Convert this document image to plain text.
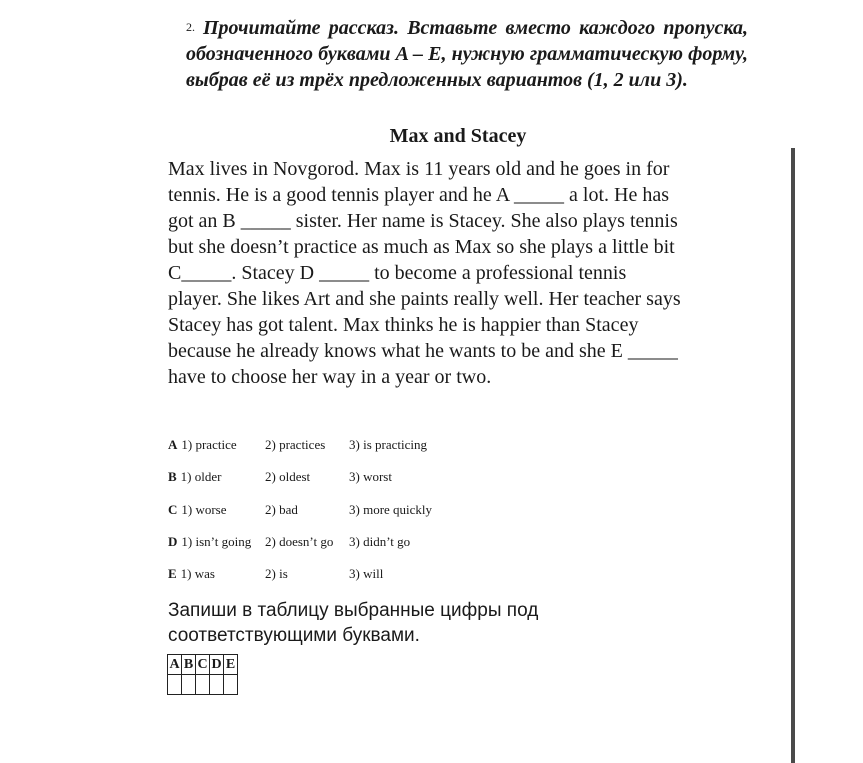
2. Прочитайте рассказ. Вставьте вместо каждого пропуска, обозначенного буквами A – E, нужную грамматическую форму, выбрав её из трёх предложенных вариантов (1, 2 или 3).
Max and Stacey
Max lives in Novgorod. Max is 11 years old and he goes in for
tennis. He is a good tennis player and he A _____ a lot. He has
got an B _____ sister. Her name is Stacey. She also plays tennis
but she doesn’t practice as much as Max so she plays a little bit
C_____. Stacey D _____ to become a professional tennis
player. She likes Art and she paints really well. Her teacher says
Stacey has got talent. Max thinks he is happier than Stacey
because he already knows what he wants to be and she E _____
have to choose her way in a year or two.
A 1) practice	2) practices	3) is practicing
B 1) older	2) oldest	3) worst
C 1) worse	2) bad	3) more quickly
D 1) isn’t going	2) doesn’t go	3) didn’t go
E 1) was	2) is	3) will
Запиши в таблицу выбранные цифры под
соответствующими буквами.
A	B	C	D	E
